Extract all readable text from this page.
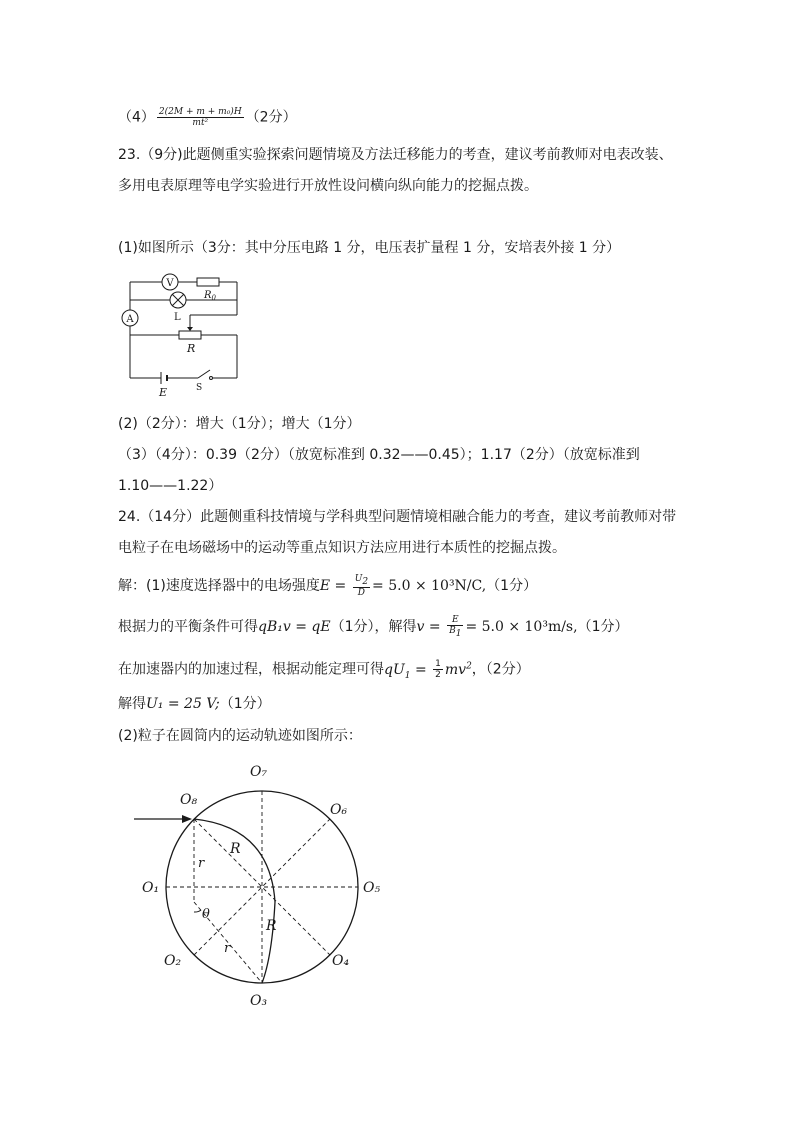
$(4) \frac{\text{2(2M + m + m₀)H}}{\text{mt²}} (2$分）
23.（9分)此题侧重实验探索问题情境及方法迁移能力的考查，建议考前教师对电表改装、
多用电表原理等电学实验进行开放性设问横向纵向能力的挖掘点拨。
(1)如图所示（3分：其中分压电路 1 分，电压表扩量程 1 分，安培表外接 1 分）
V
$R_0$
L
A
R
E	S
(2)（2分）：增大（1分）；增大（1分）
（3）（4分）：0.39（2分）（放宽标准到 0.32——0.45）；1.17（2分）（放宽标准到
1.10——1.22）
24.（14分）此题侧重科技情境与学科典型问题情境相融合能力的考查，建议考前教师对带
电粒子在电场磁场中的运动等重点知识方法应用进行本质性的挖掘点拨。
解：(1)速度选择器中的电场强度$E = \frac{U_2}{D} = 5.0 \times 10^3N/C,(1$分）
根据力的平衡条件可得qB₁v = qE（1分），解得$v = \frac{E}{B_1} = 5.0 \times 10^3m/s,(1$分）
在加速器内的加速过程，根据动能定理可得$qU_1 = \frac{1}{2} mv^2$，（2分）
解得U₁ = 25 V;（1分）
(2)粒子在圆筒内的运动轨迹如图所示：
O₇
O₈
O₆
O₁	O₅
O₂	O₄
O₃
R
R
r
r
θ
